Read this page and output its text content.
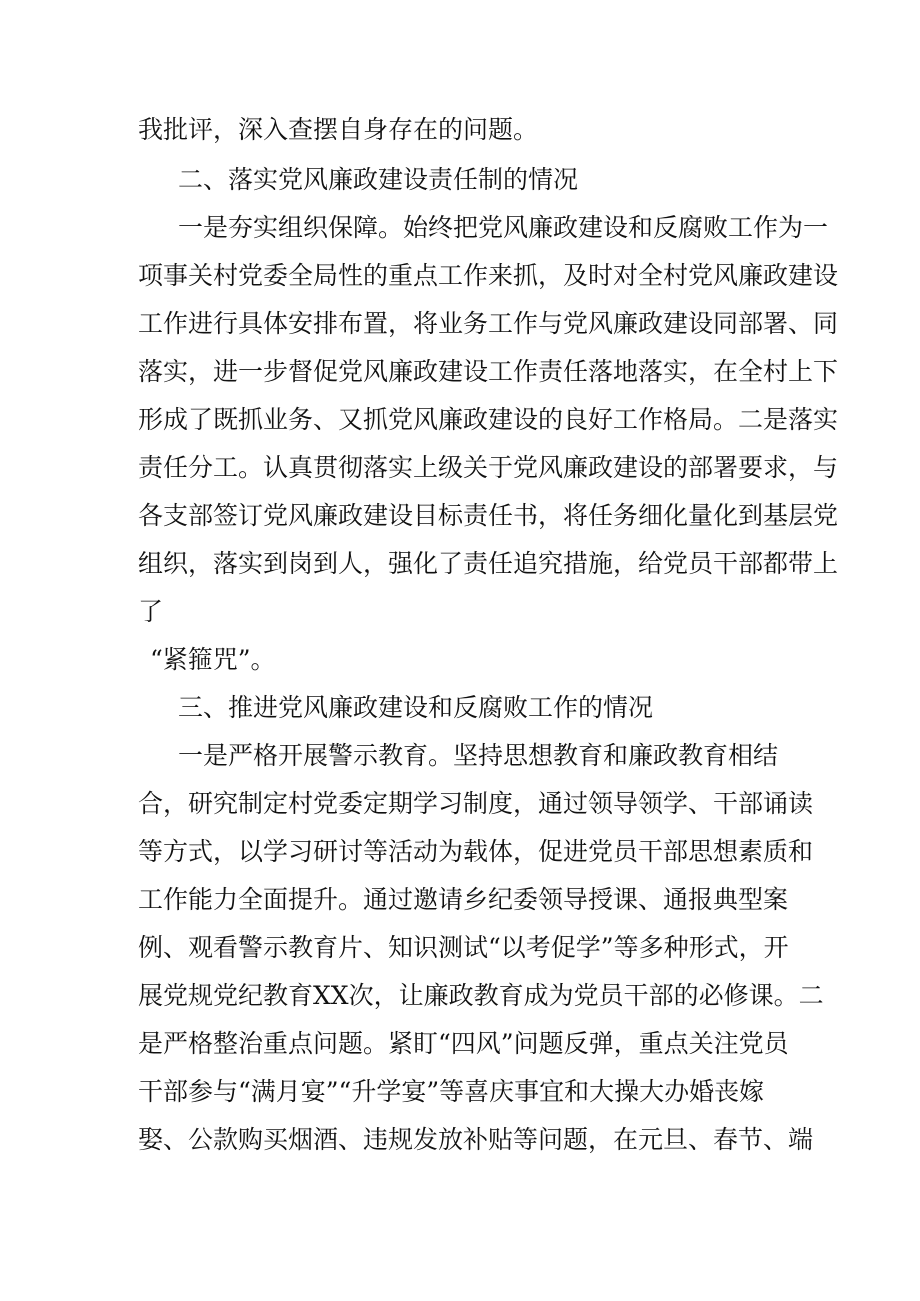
我批评，深入查摆自身存在的问题。

二、落实党风廉政建设责任制的情况

一是夯实组织保障。始终把党风廉政建设和反腐败工作为一

项事关村党委全局性的重点工作来抓，及时对全村党风廉政建设

工作进行具体安排布置，将业务工作与党风廉政建设同部署、同

落实，进一步督促党风廉政建设工作责任落地落实，在全村上下

形成了既抓业务、又抓党风廉政建设的良好工作格局。二是落实

责任分工。认真贯彻落实上级关于党风廉政建设的部署要求，与

各支部签订党风廉政建设目标责任书，将任务细化量化到基层党

组织，落实到岗到人，强化了责任追究措施，给党员干部都带上

了

“紧箍咒”。

三、推进党风廉政建设和反腐败工作的情况

一是严格开展警示教育。坚持思想教育和廉政教育相结

合，研究制定村党委定期学习制度，通过领导领学、干部诵读

等方式，以学习研讨等活动为载体，促进党员干部思想素质和

工作能力全面提升。通过邀请乡纪委领导授课、通报典型案

例、观看警示教育片、知识测试“以考促学”等多种形式，开

展党规党纪教育XX次，让廉政教育成为党员干部的必修课。二

是严格整治重点问题。紧盯“四风”问题反弹，重点关注党员

干部参与“满月宴”“升学宴”等喜庆事宜和大操大办婚丧嫁

娶、公款购买烟酒、违规发放补贴等问题，在元旦、春节、端
